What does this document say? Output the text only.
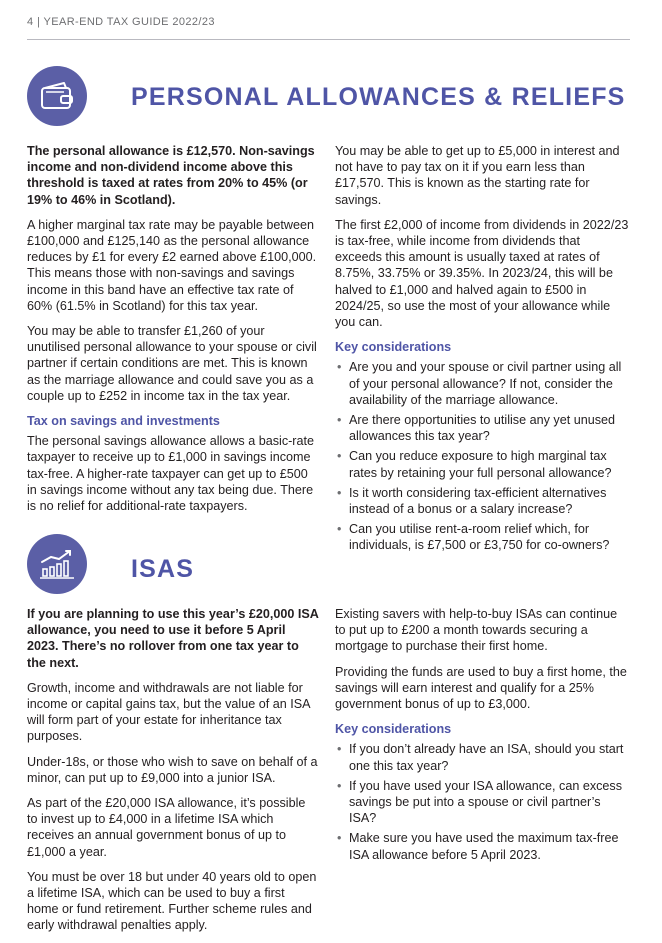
4 | YEAR-END TAX GUIDE 2022/23
PERSONAL ALLOWANCES & RELIEFS

The personal allowance is £12,570. Non-savings income and non-dividend income above this threshold is taxed at rates from 20% to 45% (or 19% to 46% in Scotland).

A higher marginal tax rate may be payable between £100,000 and £125,140 as the personal allowance reduces by £1 for every £2 earned above £100,000. This means those with non-savings and savings income in this band have an effective tax rate of 60% (61.5% in Scotland) for this tax year.

You may be able to transfer £1,260 of your unutilised personal allowance to your spouse or civil partner if certain conditions are met. This is known as the marriage allowance and could save you as a couple up to £252 in income tax in the tax year.

Tax on savings and investments

The personal savings allowance allows a basic-rate taxpayer to receive up to £1,000 in savings income tax-free. A higher-rate taxpayer can get up to £500 in savings income without any tax being due. There is no relief for additional-rate taxpayers.

You may be able to get up to £5,000 in interest and not have to pay tax on it if you earn less than £17,570. This is known as the starting rate for savings.

The first £2,000 of income from dividends in 2022/23 is tax-free, while income from dividends that exceeds this amount is usually taxed at rates of 8.75%, 33.75% or 39.35%. In 2023/24, this will be halved to £1,000 and halved again to £500 in 2024/25, so use the most of your allowance while you can.

Key considerations
• Are you and your spouse or civil partner using all of your personal allowance? If not, consider the availability of the marriage allowance.
• Are there opportunities to utilise any yet unused allowances this tax year?
• Can you reduce exposure to high marginal tax rates by retaining your full personal allowance?
• Is it worth considering tax-efficient alternatives instead of a bonus or a salary increase?
• Can you utilise rent-a-room relief which, for individuals, is £7,500 or £3,750 for co-owners?
ISAS

If you are planning to use this year’s £20,000 ISA allowance, you need to use it before 5 April 2023. There’s no rollover from one tax year to the next.

Growth, income and withdrawals are not liable for income or capital gains tax, but the value of an ISA will form part of your estate for inheritance tax purposes.

Under-18s, or those who wish to save on behalf of a minor, can put up to £9,000 into a junior ISA.

As part of the £20,000 ISA allowance, it’s possible to invest up to £4,000 in a lifetime ISA which receives an annual government bonus of up to £1,000 a year.

You must be over 18 but under 40 years old to open a lifetime ISA, which can be used to buy a first home or fund retirement. Further scheme rules and early withdrawal penalties apply.

Existing savers with help-to-buy ISAs can continue to put up to £200 a month towards securing a mortgage to purchase their first home.

Providing the funds are used to buy a first home, the savings will earn interest and qualify for a 25% government bonus of up to £3,000.

Key considerations
• If you don’t already have an ISA, should you start one this tax year?
• If you have used your ISA allowance, can excess savings be put into a spouse or civil partner’s ISA?
• Make sure you have used the maximum tax-free ISA allowance before 5 April 2023.
